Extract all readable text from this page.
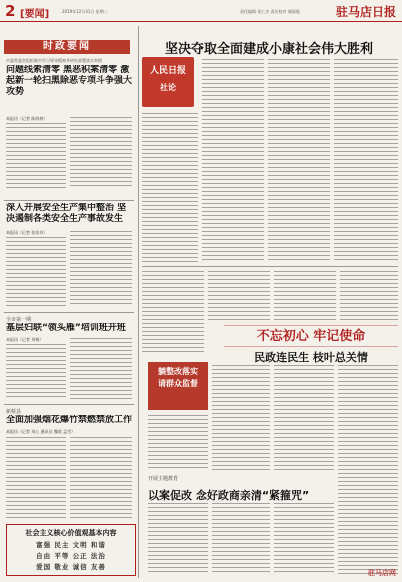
2 [要闻]	2019年12月31日 星期二	责任编辑 张仁杰 责任校对 谢淑俊	驻马店日报
时政要闻
市委常委会组织集中学习领导精神并研究部署落实举措
问题线索清零 黑恶积案清零 激起新一轮扫黑除恶专项斗争强大攻势
本报讯（记者 陈海林）
深入开展安全生产集中整治 坚决遏制各类安全生产事故发生
本报讯（记者 张家奇）
全市第一期
基层妇联“领头雁”培训班开班
本报讯（记者 刘梅）
新蔡县
全面加强烟花爆竹禁燃禁放工作
本报讯（记者 刘心 通讯员 魏欣 孟雪）
社会主义核心价值观基本内容
富强 民主 文明 和谐
自由 平等 公正 法治
爱国 敬业 诚信 友善
坚决夺取全面建成小康社会伟大胜利
人民日报
社论
不忘初心 牢记使命
民政连民生 枝叶总关情
躺整改落实
请群众监督
开展主题教育
以案促改 念好政商亲清“紧箍咒”
驻马店网
